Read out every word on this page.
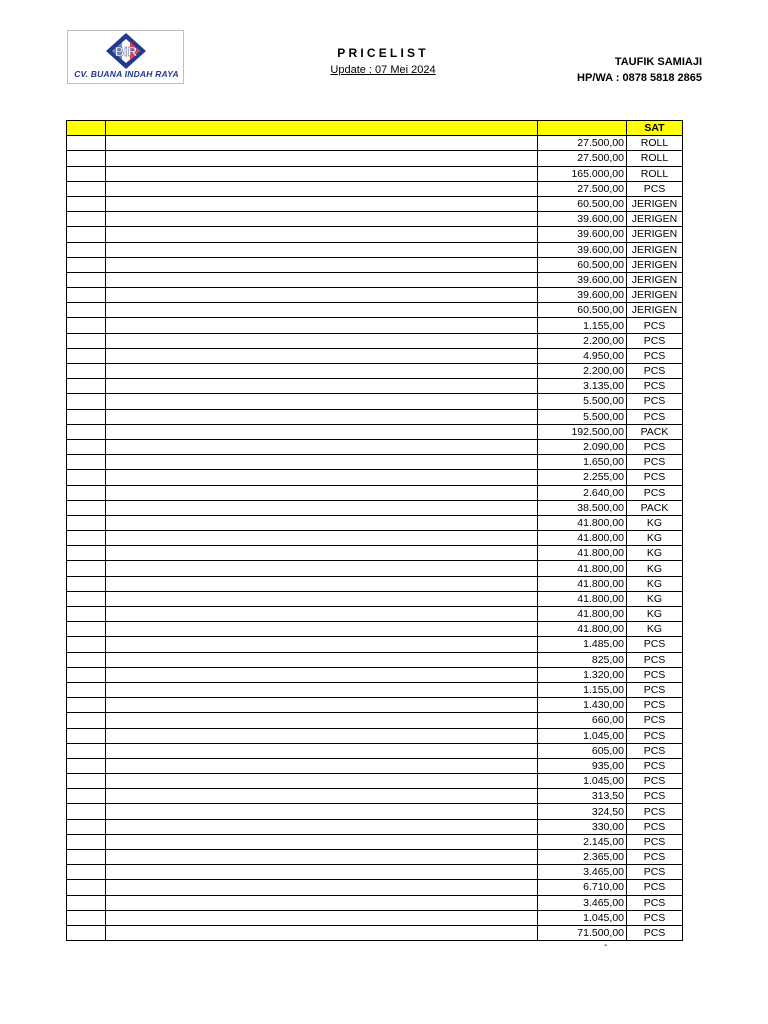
BIR
CV. BUANA INDAH RAYA
PRICELIST
Update : 07 Mei 2024
TAUFIK SAMIAJI
HP/WA : 0878 5818 2865
			SAT
		27.500,00	ROLL
		27.500,00	ROLL
		165.000,00	ROLL
		27.500,00	PCS
		60.500,00	JERIGEN
		39.600,00	JERIGEN
		39.600,00	JERIGEN
		39.600,00	JERIGEN
		60.500,00	JERIGEN
		39.600,00	JERIGEN
		39.600,00	JERIGEN
		60.500,00	JERIGEN
		1.155,00	PCS
		2.200,00	PCS
		4.950,00	PCS
		2.200,00	PCS
		3.135,00	PCS
		5.500,00	PCS
		5.500,00	PCS
		192.500,00	PACK
		2.090,00	PCS
		1.650,00	PCS
		2.255,00	PCS
		2.640,00	PCS
		38.500,00	PACK
		41.800,00	KG
		41.800,00	KG
		41.800,00	KG
		41.800,00	KG
		41.800,00	KG
		41.800,00	KG
		41.800,00	KG
		41.800,00	KG
		1.485,00	PCS
		825,00	PCS
		1.320,00	PCS
		1.155,00	PCS
		1.430,00	PCS
		660,00	PCS
		1.045,00	PCS
		605,00	PCS
		935,00	PCS
		1.045,00	PCS
		313,50	PCS
		324,50	PCS
		330,00	PCS
		2.145,00	PCS
		2.365,00	PCS
		3.465,00	PCS
		6.710,00	PCS
		3.465,00	PCS
		1.045,00	PCS
		71.500,00	PCS
-
